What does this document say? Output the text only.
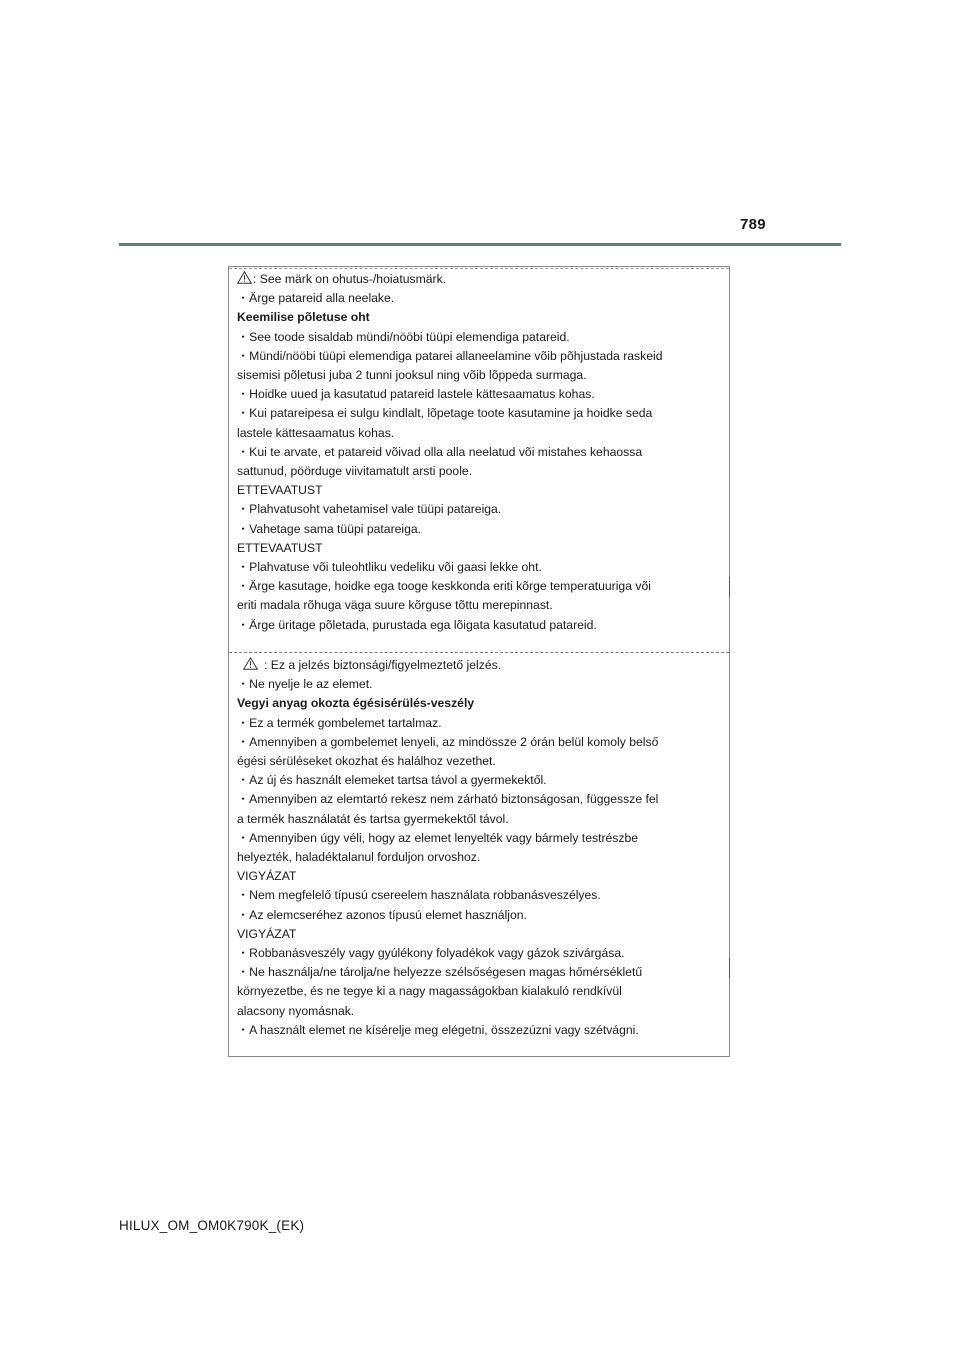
789
: See märk on ohutus-/hoiatusmärk.
・Ärge patareid alla neelake.
Keemilise põletuse oht
・See toode sisaldab mündi/nööbi tüüpi elemendiga patareid.
・Mündi/nööbi tüüpi elemendiga patarei allaneelamine võib põhjustada raskeid
sisemisi põletusi juba 2 tunni jooksul ning võib lõppeda surmaga.
・Hoidke uued ja kasutatud patareid lastele kättesaamatus kohas.
・Kui patareipesa ei sulgu kindlalt, lõpetage toote kasutamine ja hoidke seda
lastele kättesaamatus kohas.
・Kui te arvate, et patareid võivad olla alla neelatud või mistahes kehaossa
sattunud, pöörduge viivitamatult arsti poole.
ETTEVAATUST
・Plahvatusoht vahetamisel vale tüüpi patareiga.
・Vahetage sama tüüpi patareiga.
ETTEVAATUST
・Plahvatuse või tuleohtliku vedeliku või gaasi lekke oht.
・Ärge kasutage, hoidke ega tooge keskkonda eriti kõrge temperatuuriga või
eriti madala rõhuga väga suure kõrguse tõttu merepinnast.
・Ärge üritage põletada, purustada ega lõigata kasutatud patareid.
: Ez a jelzés biztonsági/figyelmeztető jelzés.
・Ne nyelje le az elemet.
Vegyi anyag okozta égésisérülés-veszély
・Ez a termék gombelemet tartalmaz.
・Amennyiben a gombelemet lenyeli, az mindössze 2 órán belül komoly belső
égési sérüléseket okozhat és halálhoz vezethet.
・Az új és használt elemeket tartsa távol a gyermekektől.
・Amennyiben az elemtartó rekesz nem zárható biztonságosan, függessze fel
a termék használatát és tartsa gyermekektől távol.
・Amennyiben úgy véli, hogy az elemet lenyelték vagy bármely testrészbe
helyezték, haladéktalanul forduljon orvoshoz.
VIGYÁZAT
・Nem megfelelő típusú csereelem használata robbanásveszélyes.
・Az elemcseréhez azonos típusú elemet használjon.
VIGYÁZAT
・Robbanásveszély vagy gyúlékony folyadékok vagy gázok szivárgása.
・Ne használja/ne tárolja/ne helyezze szélsőségesen magas hőmérsékletű
környezetbe, és ne tegye ki a nagy magasságokban kialakuló rendkívül
alacsony nyomásnak.
・A használt elemet ne kísérelje meg elégetni, összezúzni vagy szétvágni.
HILUX_OM_OM0K790K_(EK)
